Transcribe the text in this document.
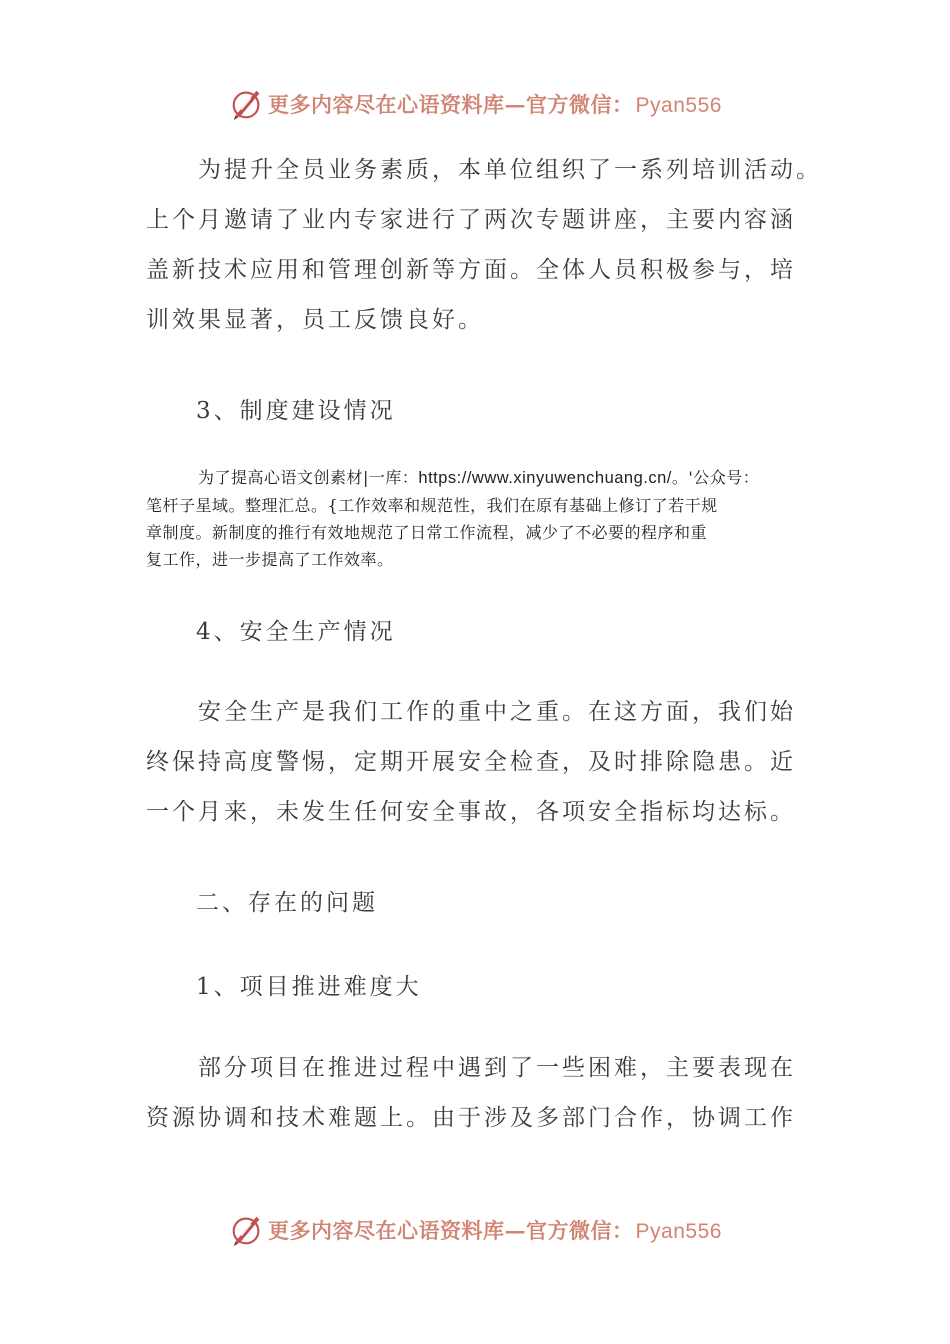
更多内容尽在心语资料库—官方微信：Pyan556
为提升全员业务素质，本单位组织了一系列培训活动。
上个月邀请了业内专家进行了两次专题讲座，主要内容涵
盖新技术应用和管理创新等方面。全体人员积极参与，培
训效果显著，员工反馈良好。
3、制度建设情况
为了提高心语文创素材|一库：https://www.xinyuwenchuang.cn/。'公众号：
笔杆子星域。整理汇总。{工作效率和规范性，我们在原有基础上修订了若干规
章制度。新制度的推行有效地规范了日常工作流程，减少了不必要的程序和重
复工作，进一步提高了工作效率。
4、安全生产情况
安全生产是我们工作的重中之重。在这方面，我们始
终保持高度警惕，定期开展安全检查，及时排除隐患。近
一个月来，未发生任何安全事故，各项安全指标均达标。
二、存在的问题
1、项目推进难度大
部分项目在推进过程中遇到了一些困难，主要表现在
资源协调和技术难题上。由于涉及多部门合作，协调工作
更多内容尽在心语资料库—官方微信：Pyan556
